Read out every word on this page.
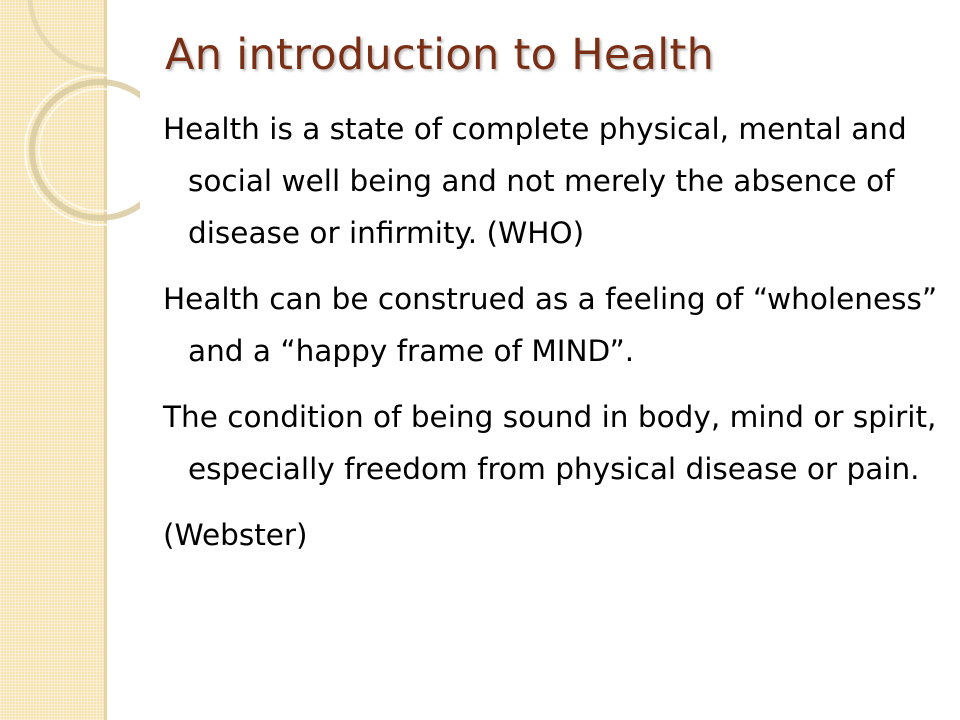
An introduction to Health

Health is a state of complete physical, mental and social well being and not merely the absence of disease or infirmity. (WHO)

Health can be construed as a feeling of “wholeness” and a “happy frame of MIND”.

The condition of being sound in body, mind or spirit, especially freedom from physical disease or pain.

(Webster)
